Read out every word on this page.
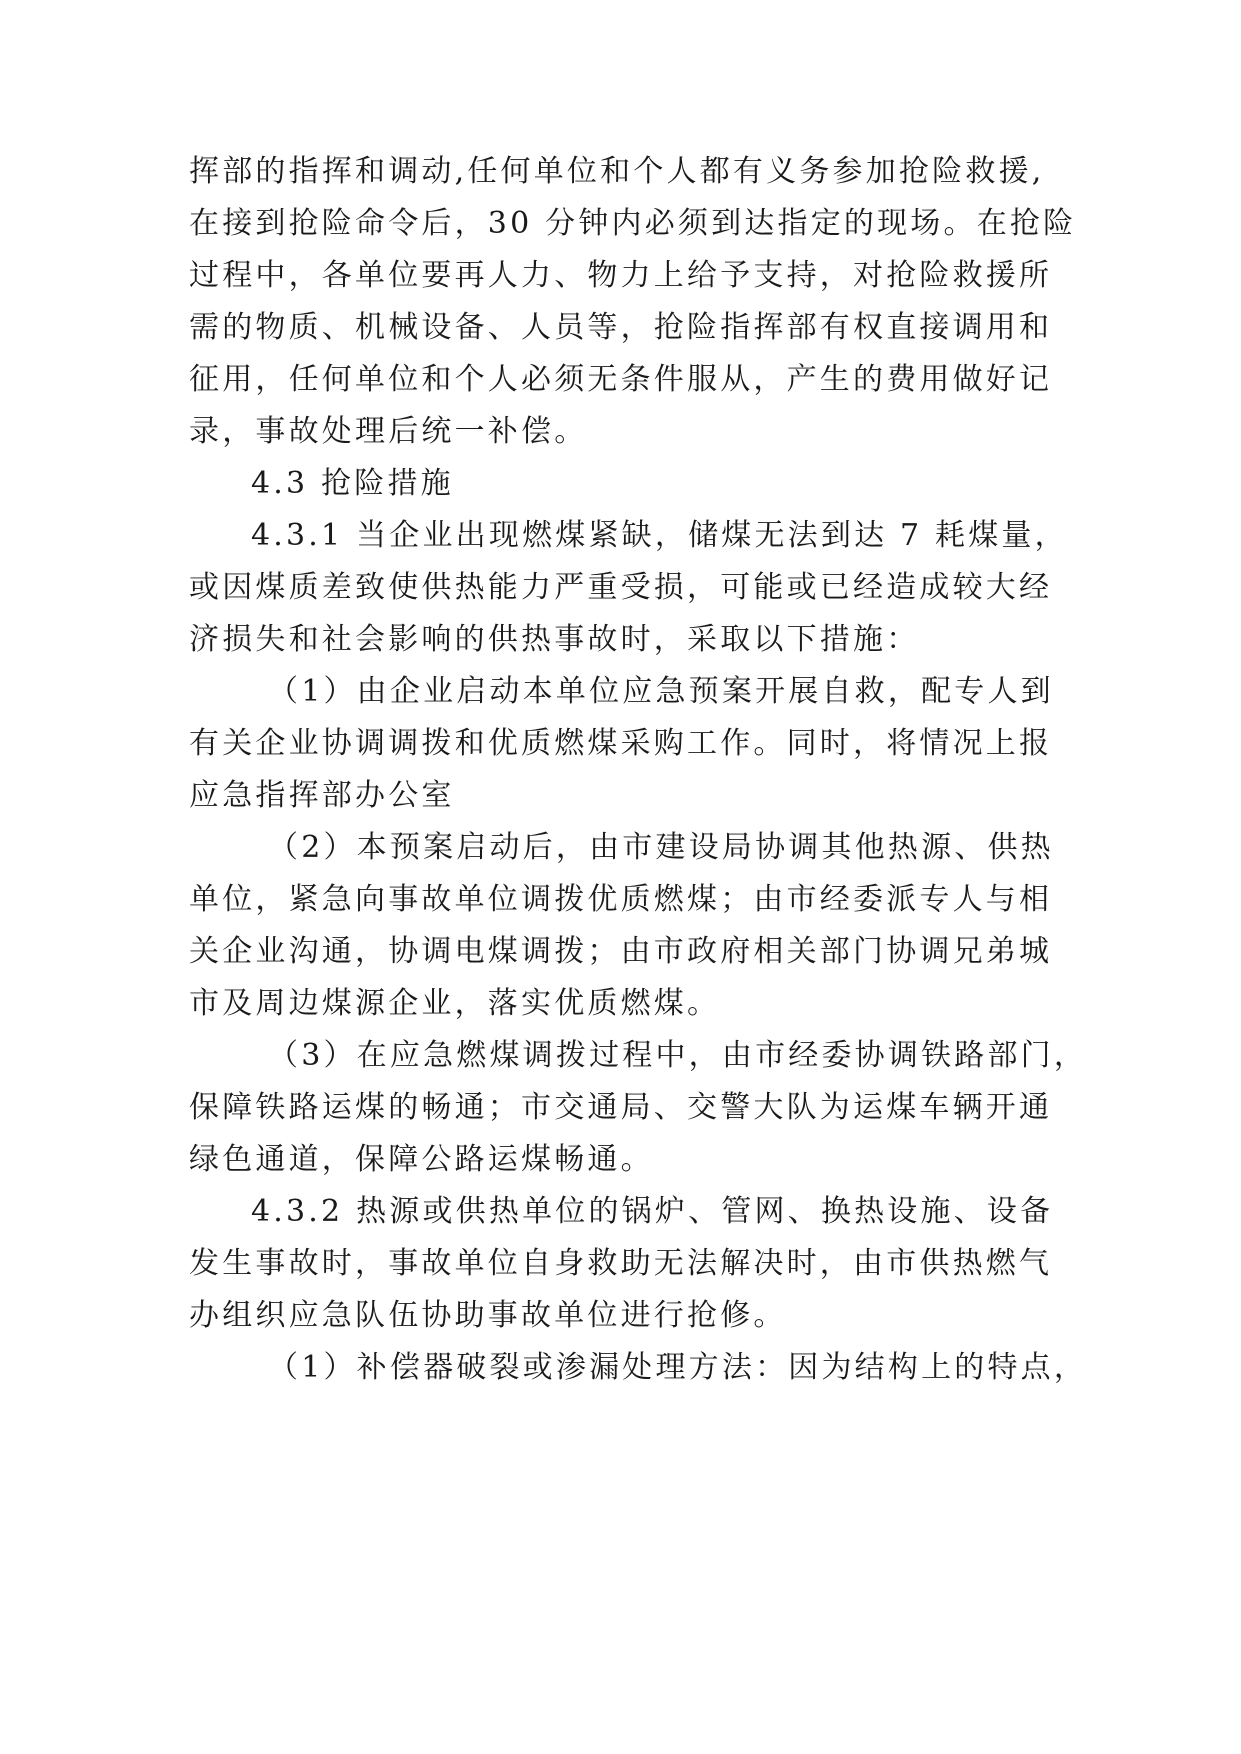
挥部的指挥和调动,任何单位和个人都有义务参加抢险救援,
在接到抢险命令后，30 分钟内必须到达指定的现场。在抢险
过程中，各单位要再人力、物力上给予支持，对抢险救援所
需的物质、机械设备、人员等，抢险指挥部有权直接调用和
征用，任何单位和个人必须无条件服从，产生的费用做好记
录，事故处理后统一补偿。
4.3 抢险措施
4.3.1 当企业出现燃煤紧缺，储煤无法到达 7 耗煤量，
或因煤质差致使供热能力严重受损，可能或已经造成较大经
济损失和社会影响的供热事故时，采取以下措施：
（1）由企业启动本单位应急预案开展自救，配专人到
有关企业协调调拨和优质燃煤采购工作。同时，将情况上报
应急指挥部办公室
（2）本预案启动后，由市建设局协调其他热源、供热
单位，紧急向事故单位调拨优质燃煤；由市经委派专人与相
关企业沟通，协调电煤调拨；由市政府相关部门协调兄弟城
市及周边煤源企业，落实优质燃煤。
（3）在应急燃煤调拨过程中，由市经委协调铁路部门，
保障铁路运煤的畅通；市交通局、交警大队为运煤车辆开通
绿色通道，保障公路运煤畅通。
4.3.2 热源或供热单位的锅炉、管网、换热设施、设备
发生事故时，事故单位自身救助无法解决时，由市供热燃气
办组织应急队伍协助事故单位进行抢修。
（1）补偿器破裂或渗漏处理方法：因为结构上的特点，
